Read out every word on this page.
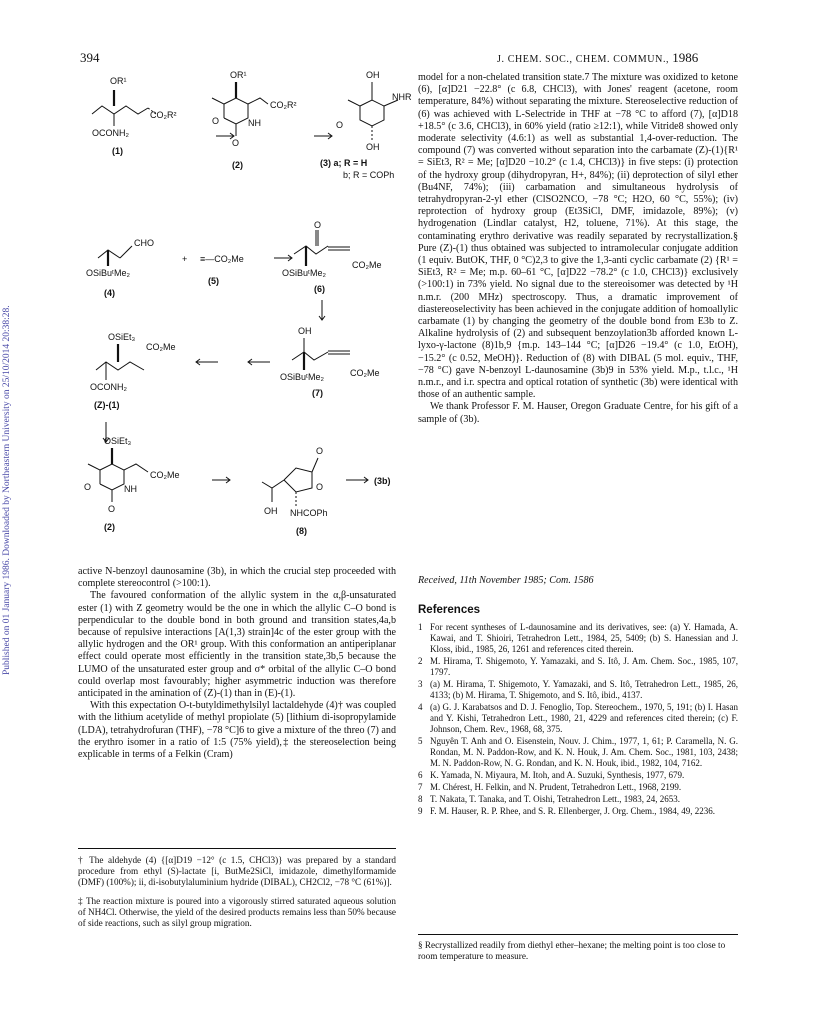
394	J. CHEM. SOC., CHEM. COMMUN., 1986
Published on 01 January 1986. Downloaded by Northeastern University on 25/10/2014 20:38:28.
OR¹
CO₂R²
OCONH₂
(1)
OR¹
CO₂R²
O	NH
O
(2)
OH
NHR
O
OH
(3) a; R = H
b; R = COPh
CHO
OSiBuᵗMe₂
(4)
+ ≡—CO₂Me
(5)
O
OSiBuᵗMe₂
CO₂Me
(6)
OH
OSiBuᵗMe₂	CO₂Me
(7)
OSiEt₃
CO₂Me
OCONH₂
(Z)-(1)
OSiEt₃
CO₂Me
O	NH
O
(2)
O
O
OH NHCOPh
(8)
(3b)

active N-benzoyl daunosamine (3b), in which the crucial step proceeded with complete stereocontrol (>100:1).

The favoured conformation of the allylic system in the α,β-unsaturated ester (1) with Z geometry would be the one in which the allylic C–O bond is perpendicular to the double bond in both ground and transition states,4a,b because of repulsive interactions [A(1,3) strain]4c of the ester group with the allylic hydrogen and the OR¹ group. With this conformation an antiperiplanar effect could operate most efficiently in the transition state,3b,5 because the LUMO of the unsaturated ester group and σ* orbital of the allylic C–O bond could overlap most favourably; higher asymmetric induction was therefore anticipated in the amination of (Z)-(1) than in (E)-(1).

With this expectation O-t-butyldimethylsilyl lactaldehyde (4)† was coupled with the lithium acetylide of methyl propiolate (5) [lithium di-isopropylamide (LDA), tetrahydrofuran (THF), −78 °C]6 to give a mixture of the threo (7) and the erythro isomer in a ratio of 1:5 (75% yield),‡ the stereoselection being explicable in terms of a Felkin (Cram)

† The aldehyde (4) {[α]D19 −12° (c 1.5, CHCl3)} was prepared by a standard procedure from ethyl (S)-lactate [i, ButMe2SiCl, imidazole, dimethylformamide (DMF) (100%); ii, di-isobutylaluminium hydride (DIBAL), CH2Cl2, −78 °C (61%)].

‡ The reaction mixture is poured into a vigorously stirred saturated aqueous solution of NH4Cl. Otherwise, the yield of the desired products remains less than 50% because of side reactions, such as silyl group migration.

model for a non-chelated transition state.7 The mixture was oxidized to ketone (6), [α]D21 −22.8° (c 6.8, CHCl3), with Jones' reagent (acetone, room temperature, 84%) without separating the mixture. Stereoselective reduction of (6) was achieved with L-Selectride in THF at −78 °C to afford (7), [α]D18 +18.5° (c 3.6, CHCl3), in 60% yield (ratio ≥12:1), while Vitride8 showed only moderate selectivity (4.6:1) as well as substantial 1,4-over-reduction. The compound (7) was converted without separation into the carbamate (Z)-(1){R¹ = SiEt3, R² = Me; [α]D20 −10.2° (c 1.4, CHCl3)} in five steps: (i) protection of the hydroxy group (dihydropyran, H+, 84%); (ii) deprotection of silyl ether (Bu4NF, 74%); (iii) carbamation and simultaneous hydrolysis of tetrahydropyran-2-yl ether (ClSO2NCO, −78 °C; H2O, 60 °C, 55%); (iv) reprotection of hydroxy group (Et3SiCl, DMF, imidazole, 89%); (v) hydrogenation (Lindlar catalyst, H2, toluene, 71%). At this stage, the contaminating erythro derivative was readily separated by recrystallization.§ Pure (Z)-(1) thus obtained was subjected to intramolecular conjugate addition (1 equiv. ButOK, THF, 0 °C)2,3 to give the 1,3-anti cyclic carbamate (2) {R¹ = SiEt3, R² = Me; m.p. 60–61 °C, [α]D22 −78.2° (c 1.0, CHCl3)} exclusively (>100:1) in 73% yield. No signal due to the stereoisomer was detected by ¹H n.m.r. (200 MHz) spectroscopy. Thus, a dramatic improvement of diastereoselectivity has been achieved in the conjugate addition of homoallylic carbamate (1) by changing the geometry of the double bond from E3b to Z. Alkaline hydrolysis of (2) and subsequent benzoylation3b afforded known L-lyxo-γ-lactone (8)1b,9 {m.p. 143–144 °C; [α]D26 −19.4° (c 1.0, EtOH), −15.2° (c 0.52, MeOH)}. Reduction of (8) with DIBAL (5 mol. equiv., THF, −78 °C) gave N-benzoyl L-daunosamine (3b)9 in 53% yield. M.p., t.l.c., ¹H n.m.r., and i.r. spectra and optical rotation of synthetic (3b) were identical with those of an authentic sample.

We thank Professor F. M. Hauser, Oregon Graduate Centre, for his gift of a sample of (3b).

Received, 11th November 1985; Com. 1586
References
1 For recent syntheses of L-daunosamine and its derivatives, see: (a) Y. Hamada, A. Kawai, and T. Shioiri, Tetrahedron Lett., 1984, 25, 5409; (b) S. Hanessian and J. Kloss, ibid., 1985, 26, 1261 and references cited therein.
2 M. Hirama, T. Shigemoto, Y. Yamazaki, and S. Itô, J. Am. Chem. Soc., 1985, 107, 1797.
3 (a) M. Hirama, T. Shigemoto, Y. Yamazaki, and S. Itô, Tetrahedron Lett., 1985, 26, 4133; (b) M. Hirama, T. Shigemoto, and S. Itô, ibid., 4137.
4 (a) G. J. Karabatsos and D. J. Fenoglio, Top. Stereochem., 1970, 5, 191; (b) I. Hasan and Y. Kishi, Tetrahedron Lett., 1980, 21, 4229 and references cited therein; (c) F. Johnson, Chem. Rev., 1968, 68, 375.
5 Nguyên T. Anh and O. Eisenstein, Nouv. J. Chim., 1977, 1, 61; P. Caramella, N. G. Rondan, M. N. Paddon-Row, and K. N. Houk, J. Am. Chem. Soc., 1981, 103, 2438; M. N. Paddon-Row, N. G. Rondan, and K. N. Houk, ibid., 1982, 104, 7162.
6 K. Yamada, N. Miyaura, M. Itoh, and A. Suzuki, Synthesis, 1977, 679.
7 M. Chérest, H. Felkin, and N. Prudent, Tetrahedron Lett., 1968, 2199.
8 T. Nakata, T. Tanaka, and T. Oishi, Tetrahedron Lett., 1983, 24, 2653.
9 F. M. Hauser, R. P. Rhee, and S. R. Ellenberger, J. Org. Chem., 1984, 49, 2236.
§ Recrystallized readily from diethyl ether–hexane; the melting point is too close to room temperature to measure.
